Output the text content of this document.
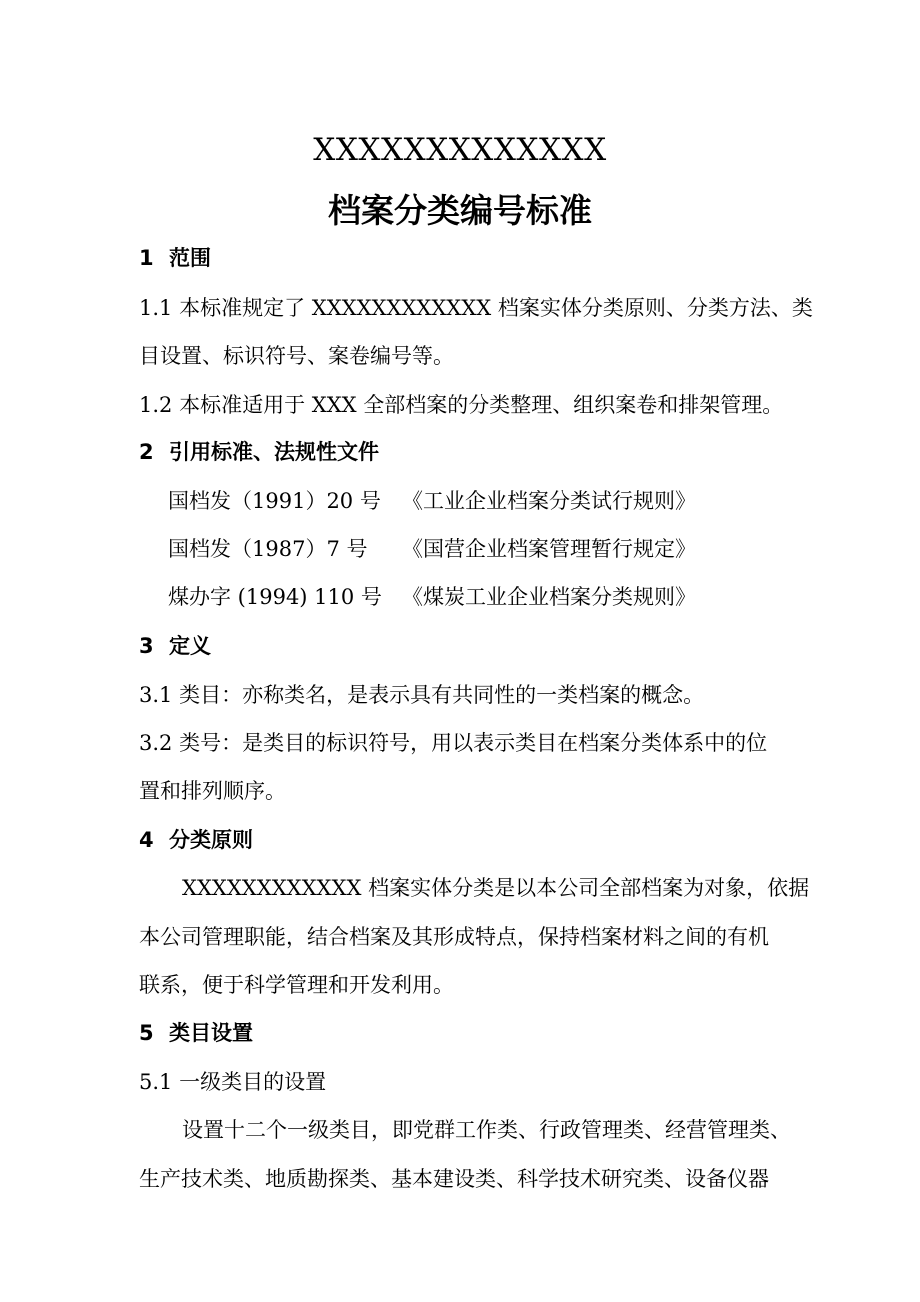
XXXXXXXXXXXXX
档案分类编号标准
1 范围
1.1 本标准规定了 XXXXXXXXXXXX 档案实体分类原则、分类方法、类
目设置、标识符号、案卷编号等。
1.2 本标准适用于 XXX 全部档案的分类整理、组织案卷和排架管理。
2 引用标准、法规性文件
国档发（1991）20 号 《工业企业档案分类试行规则》
国档发（1987）7 号 《国营企业档案管理暂行规定》
煤办字 (1994) 110 号 《煤炭工业企业档案分类规则》
3 定义
3.1 类目：亦称类名，是表示具有共同性的一类档案的概念。
3.2 类号：是类目的标识符号，用以表示类目在档案分类体系中的位
置和排列顺序。
4 分类原则
XXXXXXXXXXXX 档案实体分类是以本公司全部档案为对象，依据
本公司管理职能，结合档案及其形成特点，保持档案材料之间的有机
联系，便于科学管理和开发利用。
5 类目设置
5.1 一级类目的设置
设置十二个一级类目，即党群工作类、行政管理类、经营管理类、
生产技术类、地质勘探类、基本建设类、科学技术研究类、设备仪器
